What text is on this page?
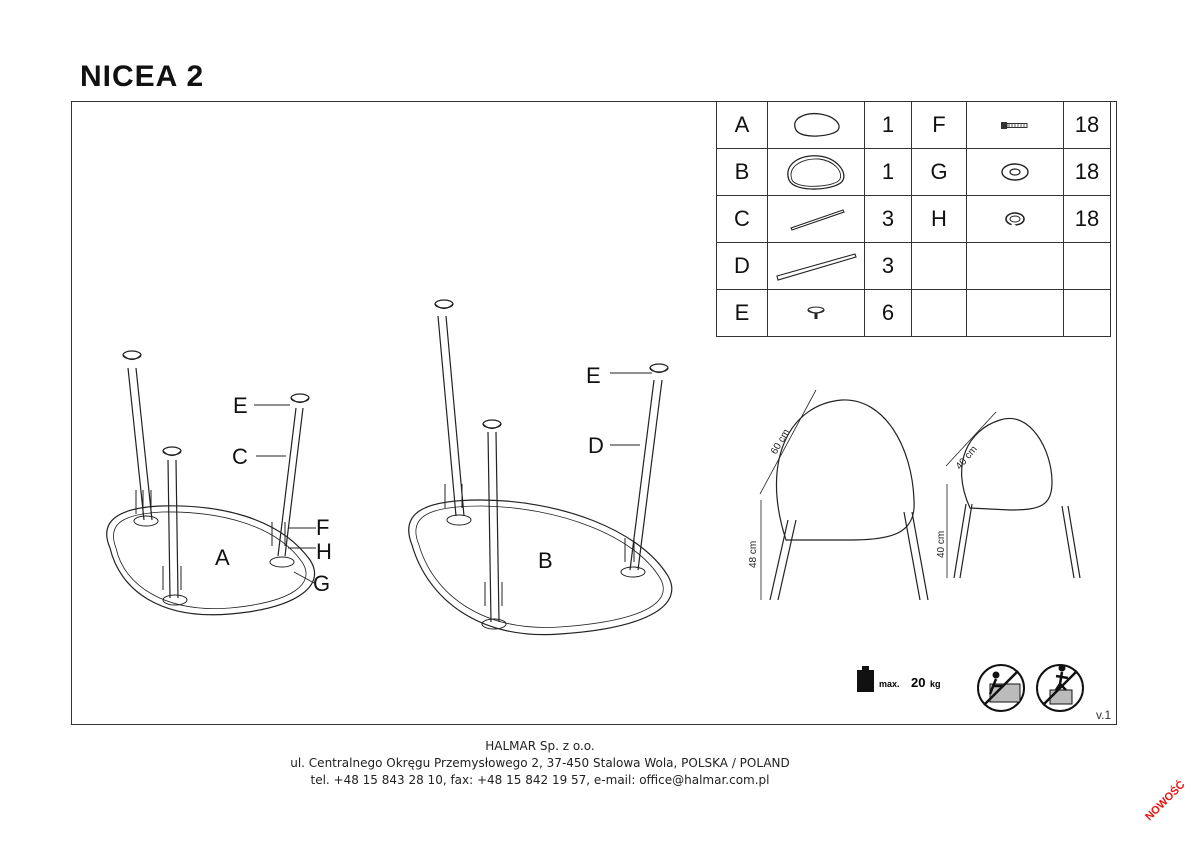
NICEA 2
A		1	F		18
B		1	G		18
C		3	H		18
D		3			
E		6			
A	B
C	D
E
E
F
H
G
60 cm
48 cm
40 cm
40 cm
max. 20 kg
v.1
HALMAR Sp. z o.o.
ul. Centralnego Okręgu Przemysłowego 2, 37-450 Stalowa Wola, POLSKA / POLAND
tel. +48 15 843 28 10, fax: +48 15 842 19 57, e-mail: office@halmar.com.pl	NOWOŚĆ
